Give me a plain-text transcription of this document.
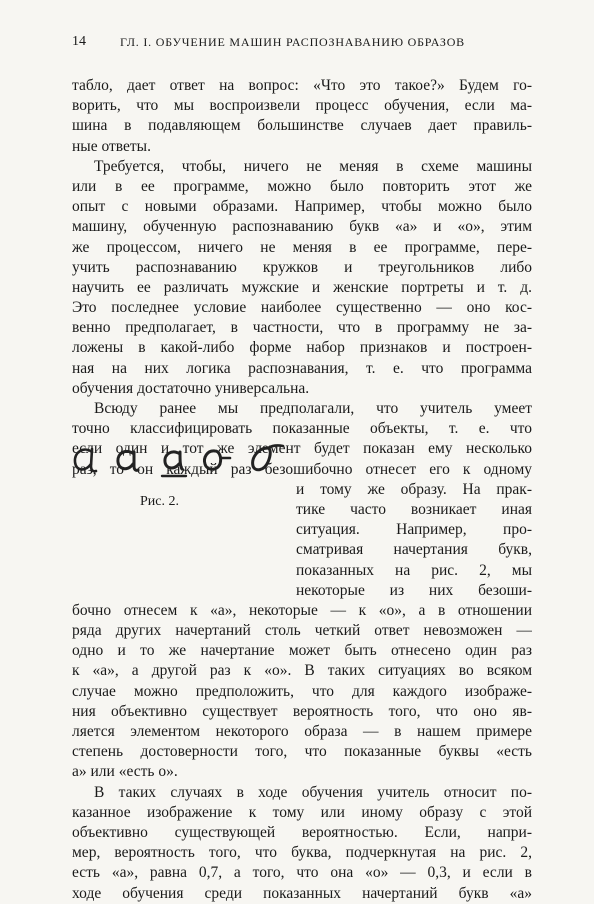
14	ГЛ. I. ОБУЧЕНИЕ МАШИН РАСПОЗНАВАНИЮ ОБРАЗОВ
табло, дает ответ на вопрос: «Что это такое?» Будем го-
ворить, что мы воспроизвели процесс обучения, если ма-
шина в подавляющем большинстве случаев дает правиль-
ные ответы.
Требуется, чтобы, ничего не меняя в схеме машины
или в ее программе, можно было повторить этот же
опыт с новыми образами. Например, чтобы можно было
машину, обученную распознаванию букв «а» и «о», этим
же процессом, ничего не меняя в ее программе, пере-
учить распознаванию кружков и треугольников либо
научить ее различать мужские и женские портреты и т. д.
Это последнее условие наиболее существенно — оно кос-
венно предполагает, в частности, что в программу не за-
ложены в какой-либо форме набор признаков и построен-
ная на них логика распознавания, т. е. что программа
обучения достаточно универсальна.
Всюду ранее мы предполагали, что учитель умеет
точно классифицировать показанные объекты, т. е. что
если один и тот же элемент будет показан ему несколько
раз, то он каждый раз безошибочно отнесет его к одному
и тому же образу. На прак-
тике часто возникает иная
ситуация. Например, про-
сматривая начертания букв,
показанных на рис. 2, мы
некоторые из них безоши-
бочно отнесем к «а», некоторые — к «о», а в отношении
ряда других начертаний столь четкий ответ невозможен —
одно и то же начертание может быть отнесено один раз
к «а», а другой раз к «о». В таких ситуациях во всяком
случае можно предположить, что для каждого изображе-
ния объективно существует вероятность того, что оно яв-
ляется элементом некоторого образа — в нашем примере
степень достоверности того, что показанные буквы «есть
а» или «есть о».
В таких случаях в ходе обучения учитель относит по-
казанное изображение к тому или иному образу с этой
объективно существующей вероятностью. Если, напри-
мер, вероятность того, что буква, подчеркнутая на рис. 2,
есть «а», равна 0,7, а того, что она «о» — 0,3, и если в
ходе обучения среди показанных начертаний букв «а»
Рис. 2.
